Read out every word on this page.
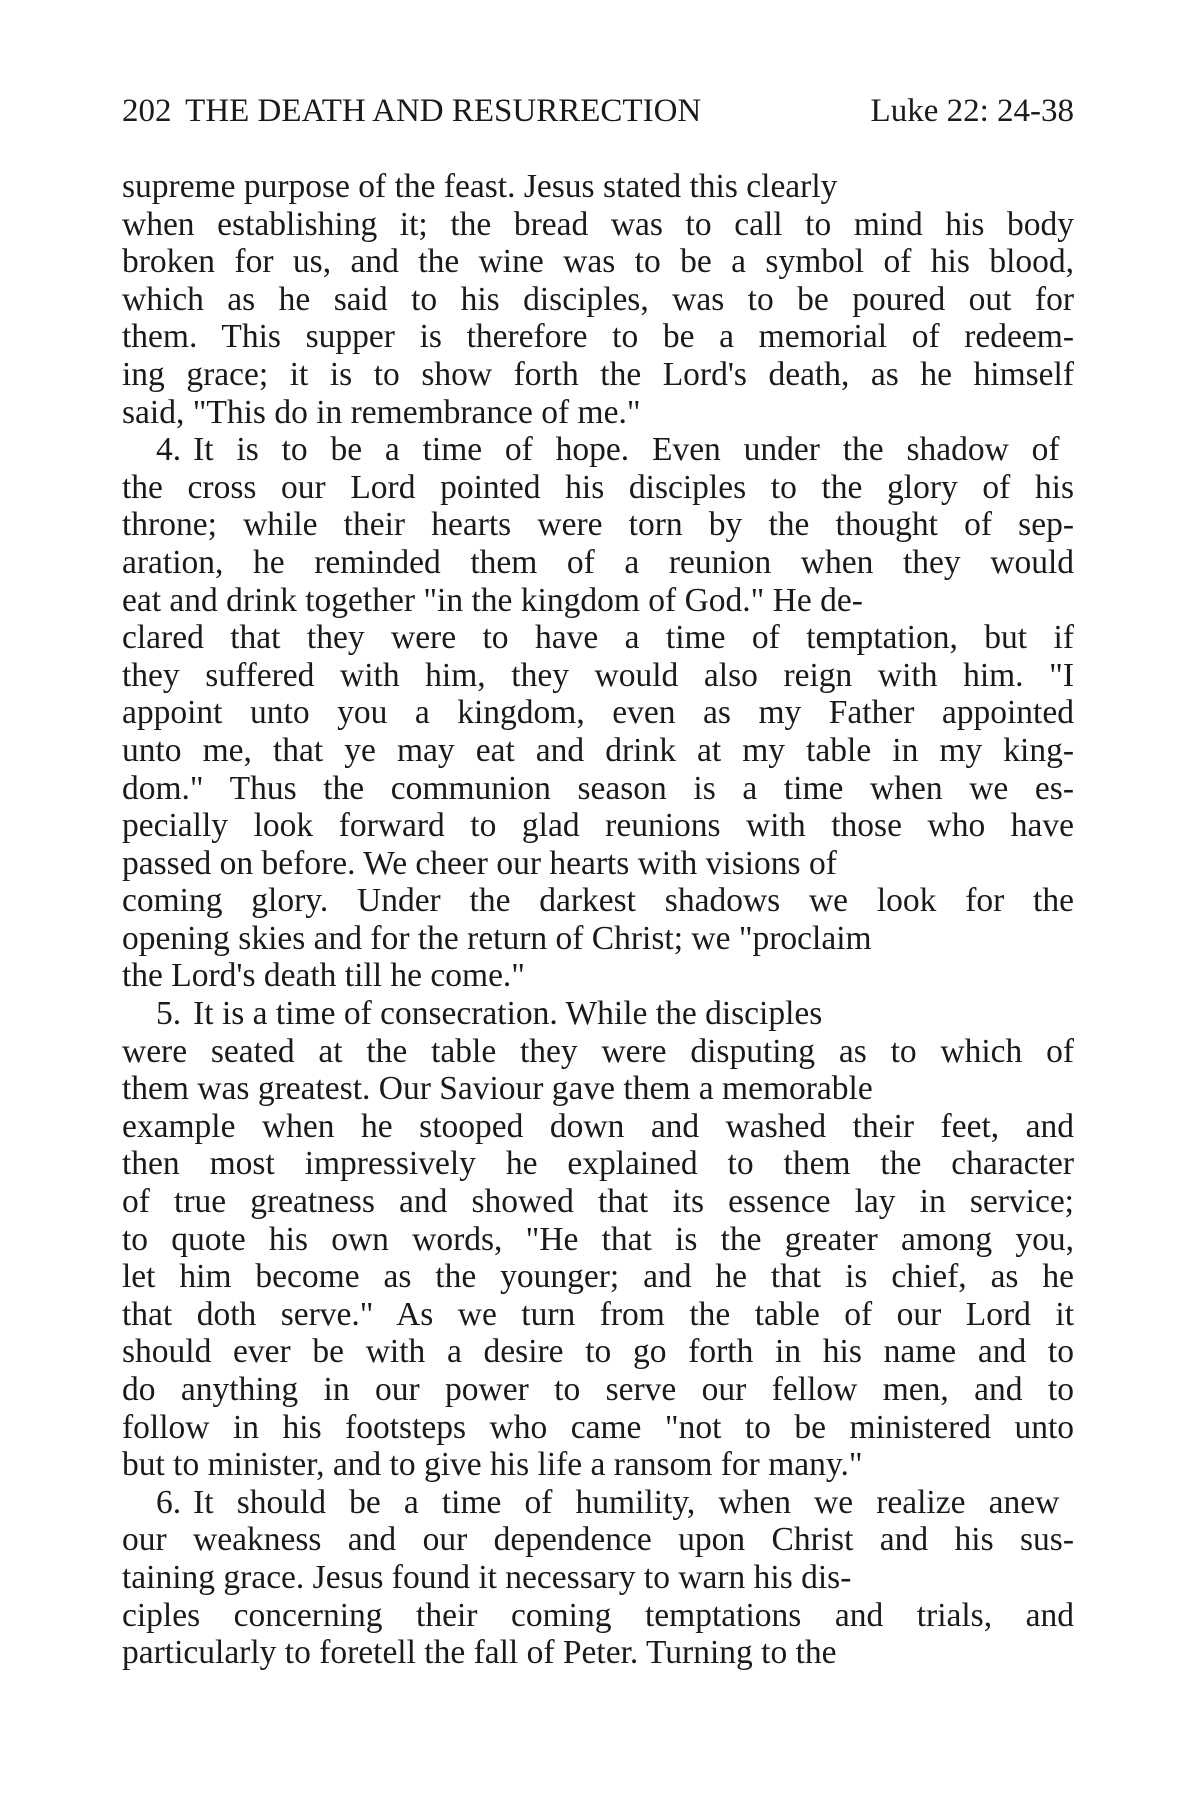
202 THE DEATH AND RESURRECTION	Luke 22: 24-38
supreme purpose of the feast. Jesus stated this clearly
when establishing it; the bread was to call to mind his body
broken for us, and the wine was to be a symbol of his blood,
which as he said to his disciples, was to be poured out for
them. This supper is therefore to be a memorial of redeem-
ing grace; it is to show forth the Lord's death, as he himself
said, "This do in remembrance of me."
4. It is to be a time of hope. Even under the shadow of
the cross our Lord pointed his disciples to the glory of his
throne; while their hearts were torn by the thought of sep-
aration, he reminded them of a reunion when they would
eat and drink together "in the kingdom of God." He de-
clared that they were to have a time of temptation, but if
they suffered with him, they would also reign with him. "I
appoint unto you a kingdom, even as my Father appointed
unto me, that ye may eat and drink at my table in my king-
dom." Thus the communion season is a time when we es-
pecially look forward to glad reunions with those who have
passed on before. We cheer our hearts with visions of
coming glory. Under the darkest shadows we look for the
opening skies and for the return of Christ; we "proclaim
the Lord's death till he come."
5. It is a time of consecration. While the disciples
were seated at the table they were disputing as to which of
them was greatest. Our Saviour gave them a memorable
example when he stooped down and washed their feet, and
then most impressively he explained to them the character
of true greatness and showed that its essence lay in service;
to quote his own words, "He that is the greater among you,
let him become as the younger; and he that is chief, as he
that doth serve." As we turn from the table of our Lord it
should ever be with a desire to go forth in his name and to
do anything in our power to serve our fellow men, and to
follow in his footsteps who came "not to be ministered unto
but to minister, and to give his life a ransom for many."
6. It should be a time of humility, when we realize anew
our weakness and our dependence upon Christ and his sus-
taining grace. Jesus found it necessary to warn his dis-
ciples concerning their coming temptations and trials, and
particularly to foretell the fall of Peter. Turning to the
